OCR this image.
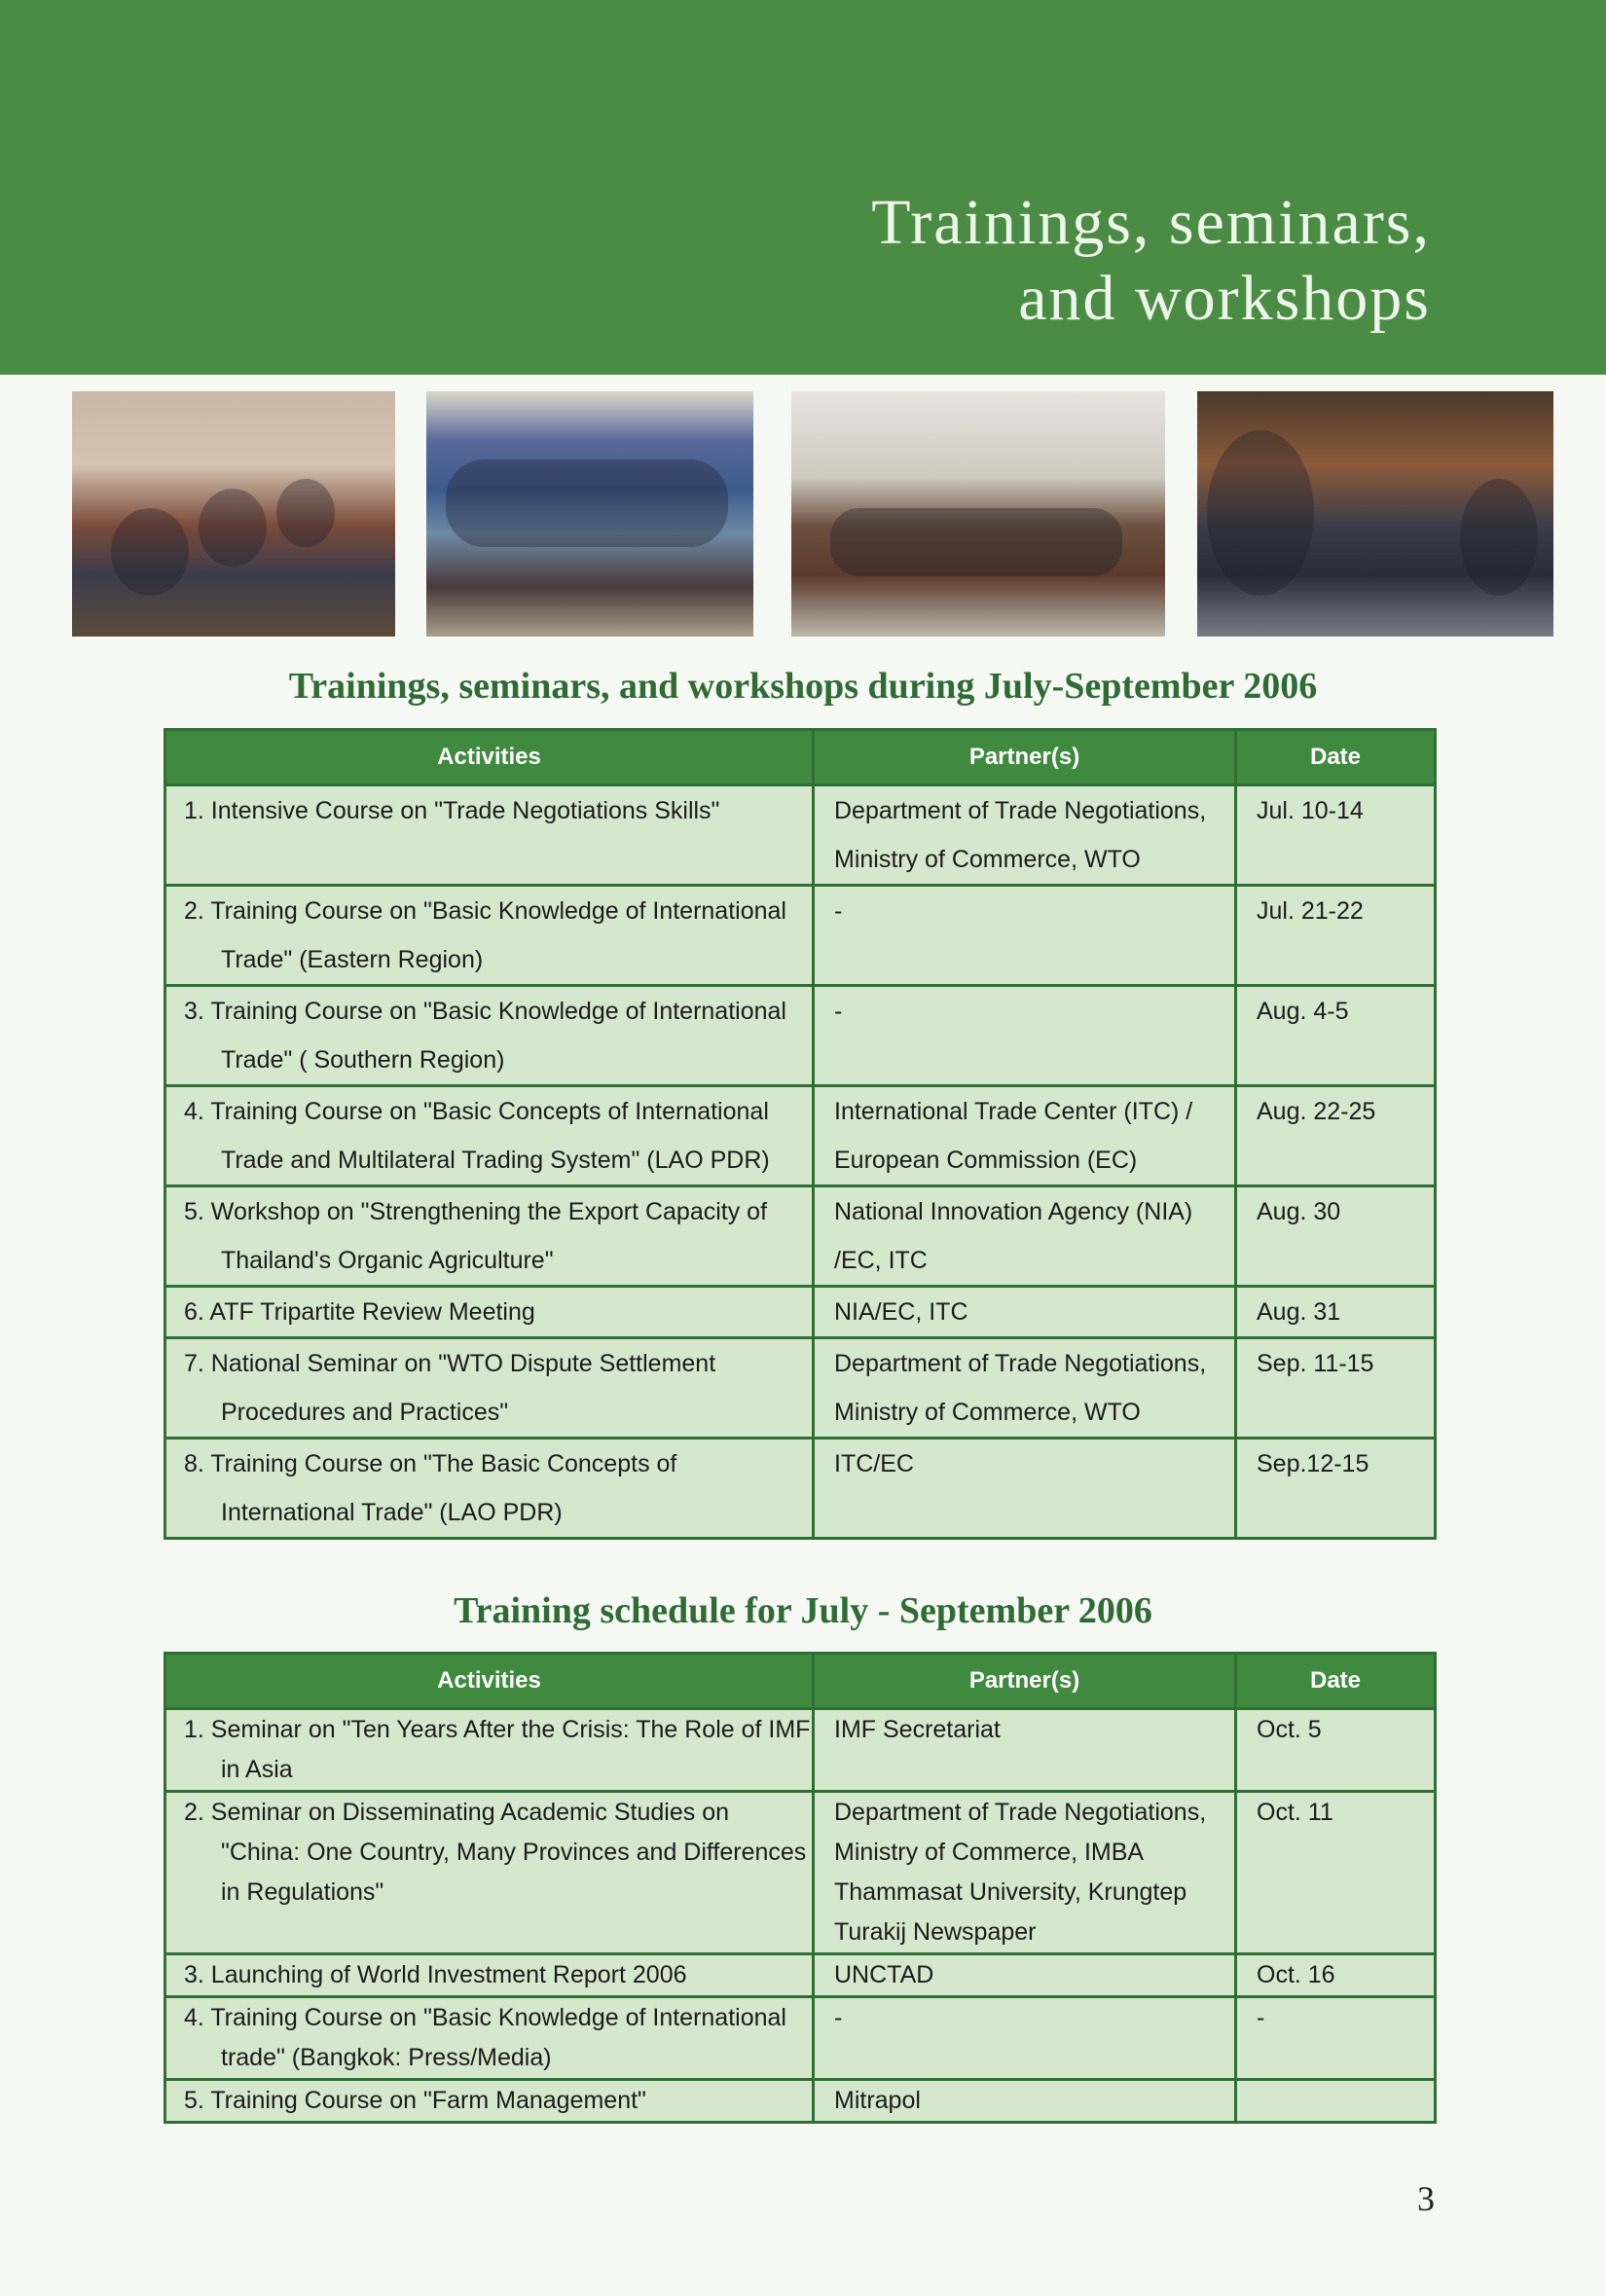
Trainings, seminars,
and workshops
Trainings, seminars, and workshops during July-September 2006
Activities	Partner(s)	Date
1. Intensive Course on "Trade Negotiations Skills"	Department of Trade Negotiations, Ministry of Commerce, WTO	Jul. 10-14
2. Training Course on "Basic Knowledge of International Trade" (Eastern Region)	-	Jul. 21-22
3. Training Course on "Basic Knowledge of International Trade" ( Southern Region)	-	Aug. 4-5
4. Training Course on "Basic Concepts of International Trade and Multilateral Trading System" (LAO PDR)	International Trade Center (ITC) / European Commission (EC)	Aug. 22-25
5. Workshop on "Strengthening the Export Capacity of Thailand's Organic Agriculture"	National Innovation Agency (NIA) /EC, ITC	Aug. 30
6. ATF Tripartite Review Meeting	NIA/EC, ITC	Aug. 31
7. National Seminar on "WTO Dispute Settlement Procedures and Practices"	Department of Trade Negotiations, Ministry of Commerce, WTO	Sep. 11-15
8. Training Course on "The Basic Concepts of International Trade" (LAO PDR)	ITC/EC	Sep.12-15
Training schedule for July - September 2006
Activities	Partner(s)	Date
1. Seminar on "Ten Years After the Crisis: The Role of IMF in Asia	IMF Secretariat	Oct. 5
2. Seminar on Disseminating Academic Studies on "China: One Country, Many Provinces and Differences in Regulations"	Department of Trade Negotiations, Ministry of Commerce, IMBA Thammasat University, Krungtep Turakij Newspaper	Oct. 11
3. Launching of World Investment Report 2006	UNCTAD	Oct. 16
4. Training Course on "Basic Knowledge of International trade" (Bangkok: Press/Media)	-	-
5. Training Course on "Farm Management"	Mitrapol	
3
